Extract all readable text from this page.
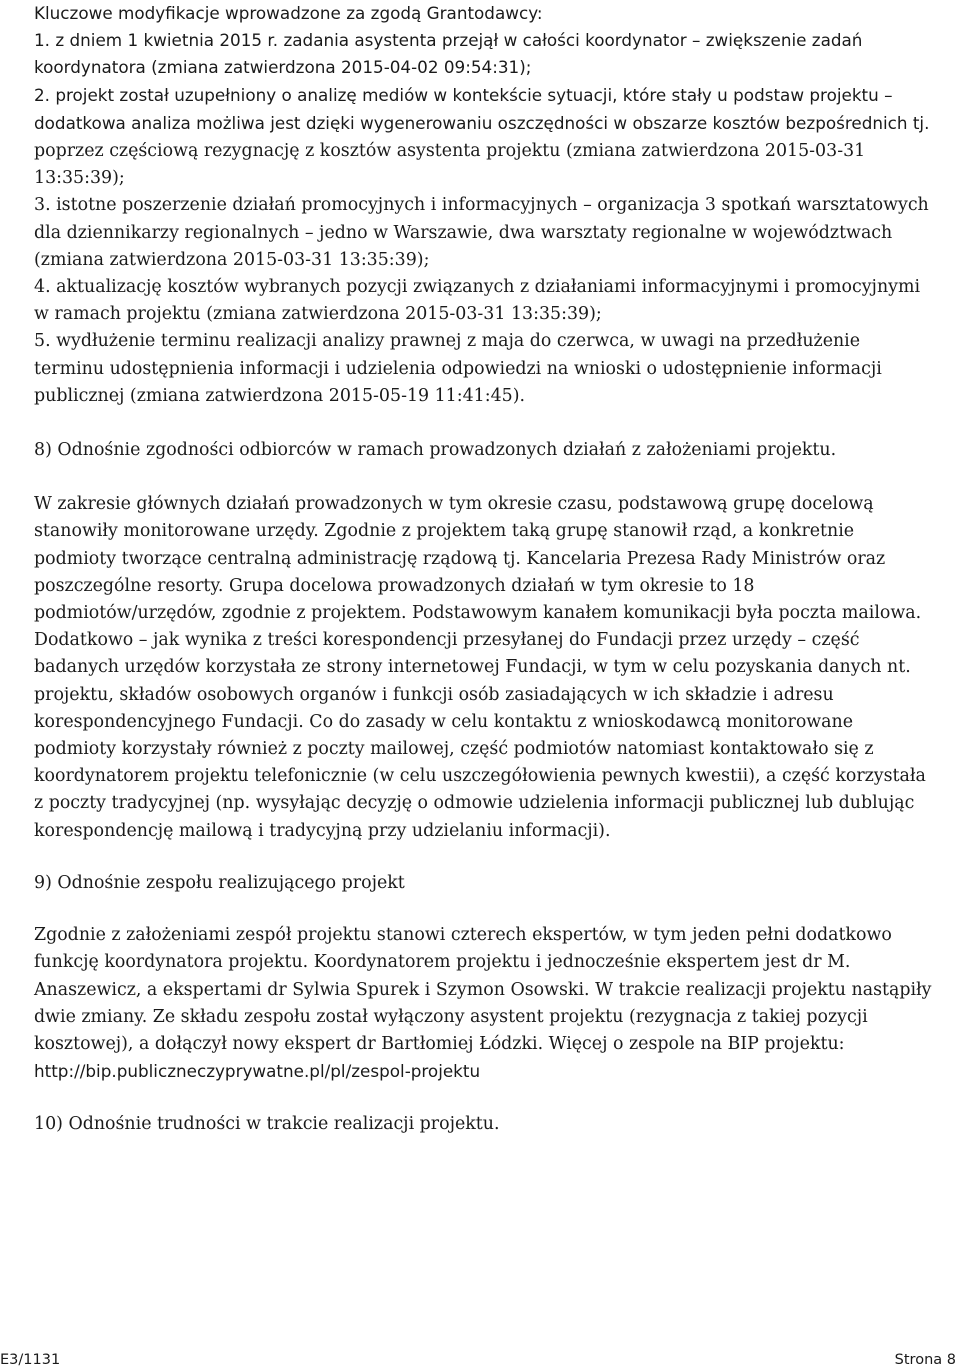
Kluczowe modyfikacje wprowadzone za zgodą Grantodawcy:

1. z dniem 1 kwietnia 2015 r. zadania asystenta przejął w całości koordynator – zwiększenie zadań koordynatora (zmiana zatwierdzona 2015-04-02 09:54:31);

2. projekt został uzupełniony o analizę mediów w kontekście sytuacji, które stały u podstaw projektu – dodatkowa analiza możliwa jest dzięki wygenerowaniu oszczędności w obszarze kosztów bezpośrednich tj. poprzez częściową rezygnację z kosztów asystenta projektu (zmiana zatwierdzona 2015-03-31 13:35:39);

3. istotne poszerzenie działań promocyjnych i informacyjnych – organizacja 3 spotkań warsztatowych dla dziennikarzy regionalnych – jedno w Warszawie, dwa warsztaty regionalne w województwach (zmiana zatwierdzona 2015-03-31 13:35:39);

4. aktualizację kosztów wybranych pozycji związanych z działaniami informacyjnymi i promocyjnymi w ramach projektu (zmiana zatwierdzona 2015-03-31 13:35:39);

5. wydłużenie terminu realizacji analizy prawnej z maja do czerwca, w uwagi na przedłużenie terminu udostępnienia informacji i udzielenia odpowiedzi na wnioski o udostępnienie informacji publicznej (zmiana zatwierdzona 2015-05-19 11:41:45).

8) Odnośnie zgodności odbiorców w ramach prowadzonych działań z założeniami projektu.

W zakresie głównych działań prowadzonych w tym okresie czasu, podstawową grupę docelową stanowiły monitorowane urzędy. Zgodnie z projektem taką grupę stanowił rząd, a konkretnie podmioty tworzące centralną administrację rządową tj. Kancelaria Prezesa Rady Ministrów oraz poszczególne resorty. Grupa docelowa prowadzonych działań w tym okresie to 18 podmiotów/urzędów, zgodnie z projektem. Podstawowym kanałem komunikacji była poczta mailowa. Dodatkowo – jak wynika z treści korespondencji przesyłanej do Fundacji przez urzędy – część badanych urzędów korzystała ze strony internetowej Fundacji, w tym w celu pozyskania danych nt. projektu, składów osobowych organów i funkcji osób zasiadających w ich składzie i adresu korespondencyjnego Fundacji. Co do zasady w celu kontaktu z wnioskodawcą monitorowane podmioty korzystały również z poczty mailowej, część podmiotów natomiast kontaktowało się z koordynatorem projektu telefonicznie (w celu uszczegółowienia pewnych kwestii), a część korzystała z poczty tradycyjnej (np. wysyłając decyzję o odmowie udzielenia informacji publicznej lub dublując korespondencję mailową i tradycyjną przy udzielaniu informacji).

9) Odnośnie zespołu realizującego projekt

Zgodnie z założeniami zespół projektu stanowi czterech ekspertów, w tym jeden pełni dodatkowo funkcję koordynatora projektu. Koordynatorem projektu i jednocześnie ekspertem jest dr M. Anaszewicz, a ekspertami dr Sylwia Spurek i Szymon Osowski. W trakcie realizacji projektu nastąpiły dwie zmiany. Ze składu zespołu został wyłączony asystent projektu (rezygnacja z takiej pozycji kosztowej), a dołączył nowy ekspert dr Bartłomiej Łódzki. Więcej o zespole na BIP projektu: http://bip.publiczneczyprywatne.pl/pl/zespol-projektu

10) Odnośnie trudności w trakcie realizacji projektu.

E3/1131	Strona 8
